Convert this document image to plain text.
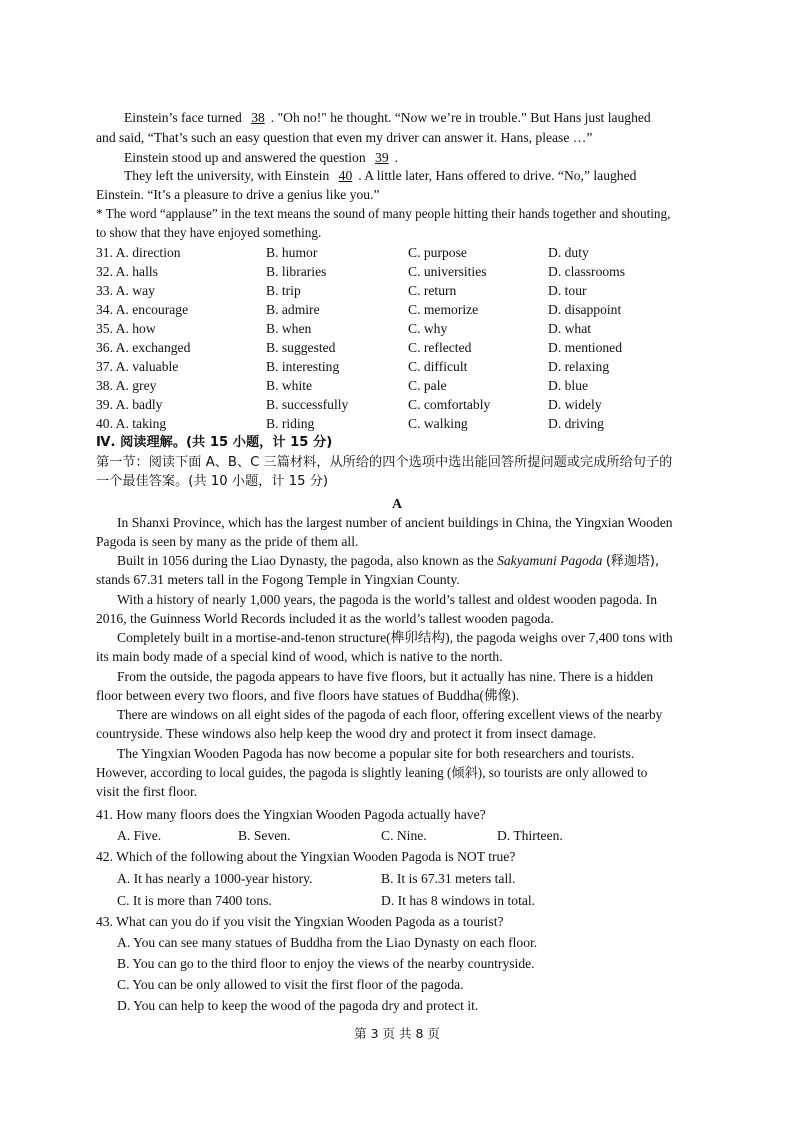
Einstein’s face turned 38 . "Oh no!" he thought. “Now we’re in trouble.” But Hans just laughed
and said, “That’s such an easy question that even my driver can answer it. Hans, please …”
Einstein stood up and answered the question 39 .
They left the university, with Einstein 40 . A little later, Hans offered to drive. “No,” laughed
Einstein. “It’s a pleasure to drive a genius like you.”
* The word “applause” in the text means the sound of many people hitting their hands together and shouting,
to show that they have enjoyed something.
31. A. direction	B. humor	C. purpose	D. duty
32. A. halls	B. libraries	C. universities	D. classrooms
33. A. way	B. trip	C. return	D. tour
34. A. encourage	B. admire	C. memorize	D. disappoint
35. A. how	B. when	C. why	D. what
36. A. exchanged	B. suggested	C. reflected	D. mentioned
37. A. valuable	B. interesting	C. difficult	D. relaxing
38. A. grey	B. white	C. pale	D. blue
39. A. badly	B. successfully	C. comfortably	D. widely
40. A. taking	B. riding	C. walking	D. driving
Ⅳ. 阅读理解。(共 15 小题，计 15 分)
第一节：阅读下面 A、B、C 三篇材料，从所给的四个选项中选出能回答所提问题或完成所给句子的
一个最佳答案。(共 10 小题，计 15 分)
A
In Shanxi Province, which has the largest number of ancient buildings in China, the Yingxian Wooden
Pagoda is seen by many as the pride of them all.
Built in 1056 during the Liao Dynasty, the pagoda, also known as the Sakyamuni Pagoda (释迦塔),
stands 67.31 meters tall in the Fogong Temple in Yingxian County.
With a history of nearly 1,000 years, the pagoda is the world’s tallest and oldest wooden pagoda. In
2016, the Guinness World Records included it as the world’s tallest wooden pagoda.
Completely built in a mortise-and-tenon structure(榫卯结构), the pagoda weighs over 7,400 tons with
its main body made of a special kind of wood, which is native to the north.
From the outside, the pagoda appears to have five floors, but it actually has nine. There is a hidden
floor between every two floors, and five floors have statues of Buddha(佛像).
There are windows on all eight sides of the pagoda of each floor, offering excellent views of the nearby
countryside. These windows also help keep the wood dry and protect it from insect damage.
The Yingxian Wooden Pagoda has now become a popular site for both researchers and tourists.
However, according to local guides, the pagoda is slightly leaning (倾斜), so tourists are only allowed to
visit the first floor.
41. How many floors does the Yingxian Wooden Pagoda actually have?
A. Five.	B. Seven.	C. Nine.	D. Thirteen.
42. Which of the following about the Yingxian Wooden Pagoda is NOT true?
A. It has nearly a 1000-year history.	B. It is 67.31 meters tall.
C. It is more than 7400 tons.	D. It has 8 windows in total.
43. What can you do if you visit the Yingxian Wooden Pagoda as a tourist?
A. You can see many statues of Buddha from the Liao Dynasty on each floor.
B. You can go to the third floor to enjoy the views of the nearby countryside.
C. You can be only allowed to visit the first floor of the pagoda.
D. You can help to keep the wood of the pagoda dry and protect it.
第 3 页 共 8 页
